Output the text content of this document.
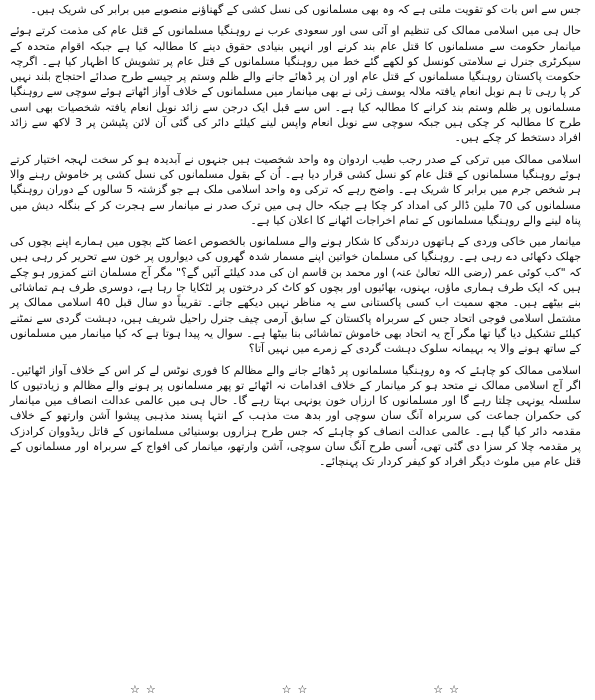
جس سے اس بات کو تقویت ملتی ہے کہ وہ بھی مسلمانوں کی نسل کشی کے گھناؤنے منصوبے میں برابر کی شریک ہیں۔

حال ہی میں اسلامی ممالک کی تنظیم او آئی سی اور سعودی عرب نے روہنگیا مسلمانوں کے قتل عام کی مذمت کرتے ہوئے میانمار حکومت سے مسلمانوں کا قتل عام بند کرنے اور انہیں بنیادی حقوق دینے کا مطالبہ کیا ہے جبکہ اقوام متحدہ کے سیکرٹری جنرل نے سلامتی کونسل کو لکھے گئے خط میں روہنگیا مسلمانوں کے قتل عام پر تشویش کا اظہار کیا ہے۔ اگرچہ حکومت پاکستان روہنگیا مسلمانوں کے قتل عام اور ان پر ڈھائے جانے والے ظلم وستم پر جیسے طرح صدائے احتجاج بلند نہیں کر پا رہی تا ہم نوبل انعام یافتہ ملالہ یوسف زئی نے بھی میانمار میں مسلمانوں کے خلاف آواز اٹھاتے ہوئے سوچی سے روہنگیا مسلمانوں پر ظلم وستم بند کرانے کا مطالبہ کیا ہے۔ اس سے قبل ایک درجن سے زائد نوبل انعام یافتہ شخصیات بھی اسی طرح کا مطالبہ کر چکی ہیں جبکہ سوچی سے نوبل انعام واپس لینے کیلئے دائر کی گئی آن لائن پٹیشن پر 3 لاکھ سے زائد افراد دستخط کر چکے ہیں۔

اسلامی ممالک میں ترکی کے صدر رجب طیب اردوان وہ واحد شخصیت ہیں جنہوں نے آبدیدہ ہو کر سخت لہجہ اختیار کرتے ہوئے روہنگیا مسلمانوں کے قتل عام کو نسل کشی قرار دیا ہے۔ اُن کے بقول مسلمانوں کی نسل کشی پر خاموش رہنے والا ہر شخص جرم میں برابر کا شریک ہے۔ واضح رہے کہ ترکی وہ واحد اسلامی ملک ہے جو گزشتہ 5 سالوں کے دوران روہنگیا مسلمانوں کی 70 ملین ڈالر کی امداد کر چکا ہے جبکہ حال ہی میں ترک صدر نے میانمار سے ہجرت کر کے بنگلہ دیش میں پناہ لینے والے روہنگیا مسلمانوں کے تمام اخراجات اٹھانے کا اعلان کیا ہے۔

میانمار میں خاکی وردی کے ہاتھوں درندگی کا شکار ہونے والے مسلمانوں بالخصوص اعضا کٹے بچوں میں ہمارے اپنے بچوں کی جھلک دکھائی دے رہی ہے۔ روہنگیا کی مسلمان خواتین اپنے مسمار شدہ گھروں کی دیواروں پر خون سے تحریر کر رہی ہیں کہ "کب کوئی عمر (رضی اللہ تعالیٰ عنہ) اور محمد بن قاسم ان کی مدد کیلئے آئیں گے؟" مگر آج مسلمان اتنے کمزور ہو چکے ہیں کہ ایک طرف ہماری ماؤں، بہنوں، بھائیوں اور بچوں کو کاٹ کر درختوں پر لٹکایا جا رہا ہے، دوسری طرف ہم تماشائی بنے بیٹھے ہیں۔ مجھ سمیت اب کسی پاکستانی سے یہ مناظر نہیں دیکھے جاتے۔ تقریباً دو سال قبل 40 اسلامی ممالک پر مشتمل اسلامی فوجی اتحاد جس کے سربراہ پاکستان کے سابق آرمی چیف جنرل راحیل شریف ہیں، دہشت گردی سے نمٹنے کیلئے تشکیل دیا گیا تھا مگر آج یہ اتحاد بھی خاموش تماشائی بنا بیٹھا ہے۔ سوال یہ پیدا ہوتا ہے کہ کیا میانمار میں مسلمانوں کے ساتھ ہونے والا یہ بہیمانہ سلوک دہشت گردی کے زمرے میں نہیں آتا؟

اسلامی ممالک کو چاہئے کہ وہ روہنگیا مسلمانوں پر ڈھائے جانے والے مظالم کا فوری نوٹس لے کر اس کے خلاف آواز اٹھائیں۔ اگر آج اسلامی ممالک نے متحد ہو کر میانمار کے خلاف اقدامات نہ اٹھائے تو پھر مسلمانوں پر ہونے والے مظالم و زیادتیوں کا سلسلہ یونہی چلتا رہے گا اور مسلمانوں کا ارزاں خون یونہی بہتا رہے گا۔ حال ہی میں عالمی عدالت انصاف میں میانمار کی حکمران جماعت کی سربراہ آنگ سان سوچی اور بدھ مت مذہب کے انتہا پسند مذہبی پیشوا آشن وارتھو کے خلاف مقدمہ دائر کیا گیا ہے۔ عالمی عدالت انصاف کو چاہئے کہ جس طرح ہزاروں بوسنیائی مسلمانوں کے قاتل ریڈووان کرادزک پر مقدمہ چلا کر سزا دی گئی تھی، اُسی طرح آنگ سان سوچی، آشن وارتھو، میانمار کی افواج کے سربراہ اور مسلمانوں کے قتل عام میں ملوث دیگر افراد کو کیفر کردار تک پہنچائے۔

☆☆	☆☆	☆☆
